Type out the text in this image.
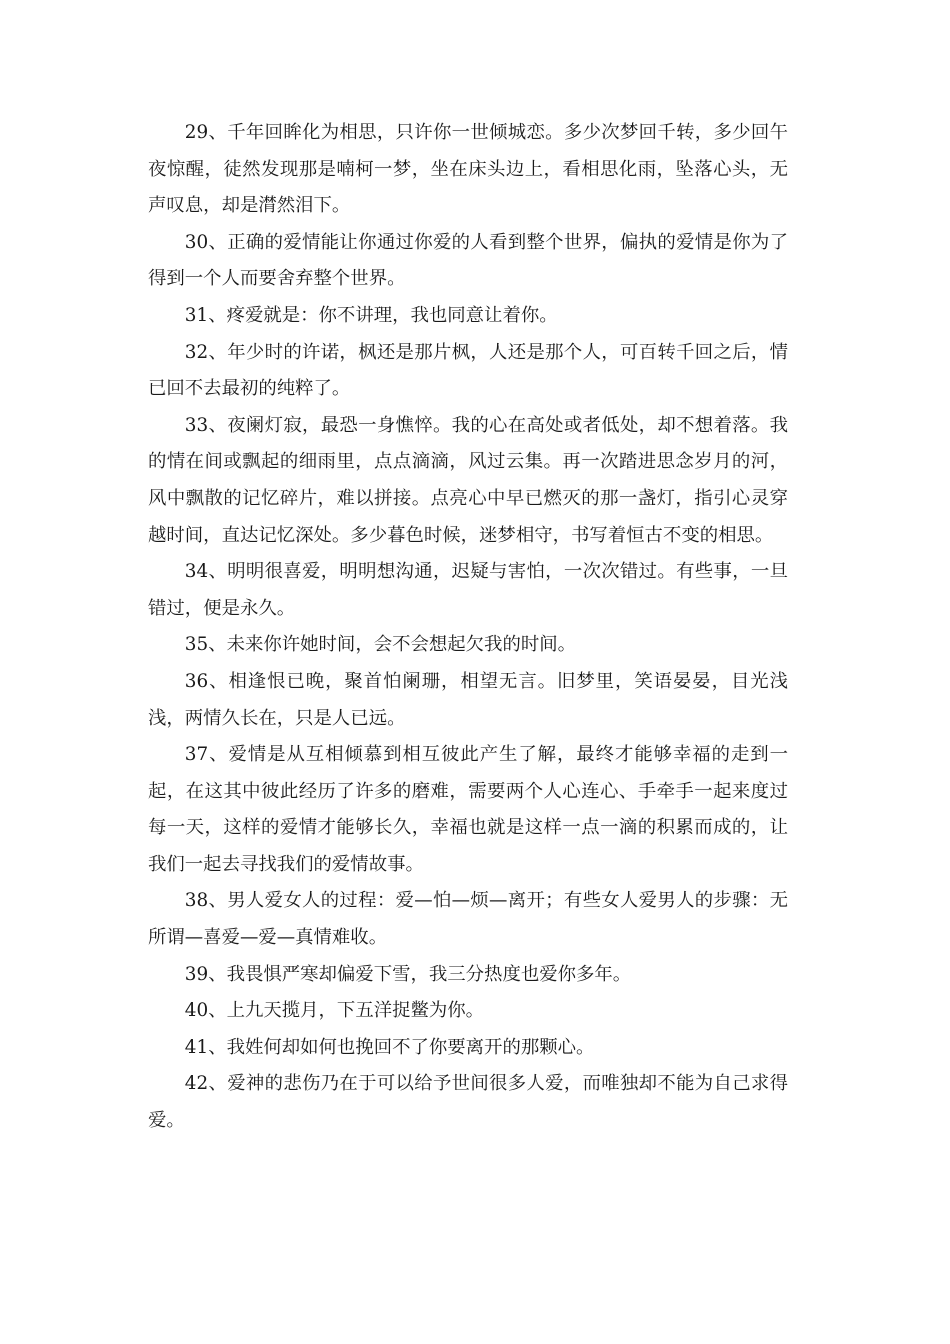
29、千年回眸化为相思，只许你一世倾城恋。多少次梦回千转，多少回午夜惊醒，徒然发现那是喃柯一梦，坐在床头边上，看相思化雨，坠落心头，无声叹息，却是潸然泪下。

30、正确的爱情能让你通过你爱的人看到整个世界，偏执的爱情是你为了得到一个人而要舍弃整个世界。

31、疼爱就是：你不讲理，我也同意让着你。

32、年少时的许诺，枫还是那片枫，人还是那个人，可百转千回之后，情已回不去最初的纯粹了。

33、夜阑灯寂，最恐一身憔悴。我的心在高处或者低处，却不想着落。我的情在间或飘起的细雨里，点点滴滴，风过云集。再一次踏进思念岁月的河，风中飘散的记忆碎片，难以拼接。点亮心中早已燃灭的那一盏灯，指引心灵穿越时间，直达记忆深处。多少暮色时候，迷梦相守，书写着恒古不变的相思。

34、明明很喜爱，明明想沟通，迟疑与害怕，一次次错过。有些事，一旦错过，便是永久。

35、未来你许她时间，会不会想起欠我的时间。

36、相逢恨已晚，聚首怕阑珊，相望无言。旧梦里，笑语晏晏，目光浅浅，两情久长在，只是人已远。

37、爱情是从互相倾慕到相互彼此产生了解，最终才能够幸福的走到一起，在这其中彼此经历了许多的磨难，需要两个人心连心、手牵手一起来度过每一天，这样的爱情才能够长久，幸福也就是这样一点一滴的积累而成的，让我们一起去寻找我们的爱情故事。

38、男人爱女人的过程：爱—怕—烦—离开；有些女人爱男人的步骤：无所谓—喜爱—爱—真情难收。

39、我畏惧严寒却偏爱下雪，我三分热度也爱你多年。

40、上九天揽月，下五洋捉鳖为你。

41、我姓何却如何也挽回不了你要离开的那颗心。

42、爱神的悲伤乃在于可以给予世间很多人爱，而唯独却不能为自己求得爱。
